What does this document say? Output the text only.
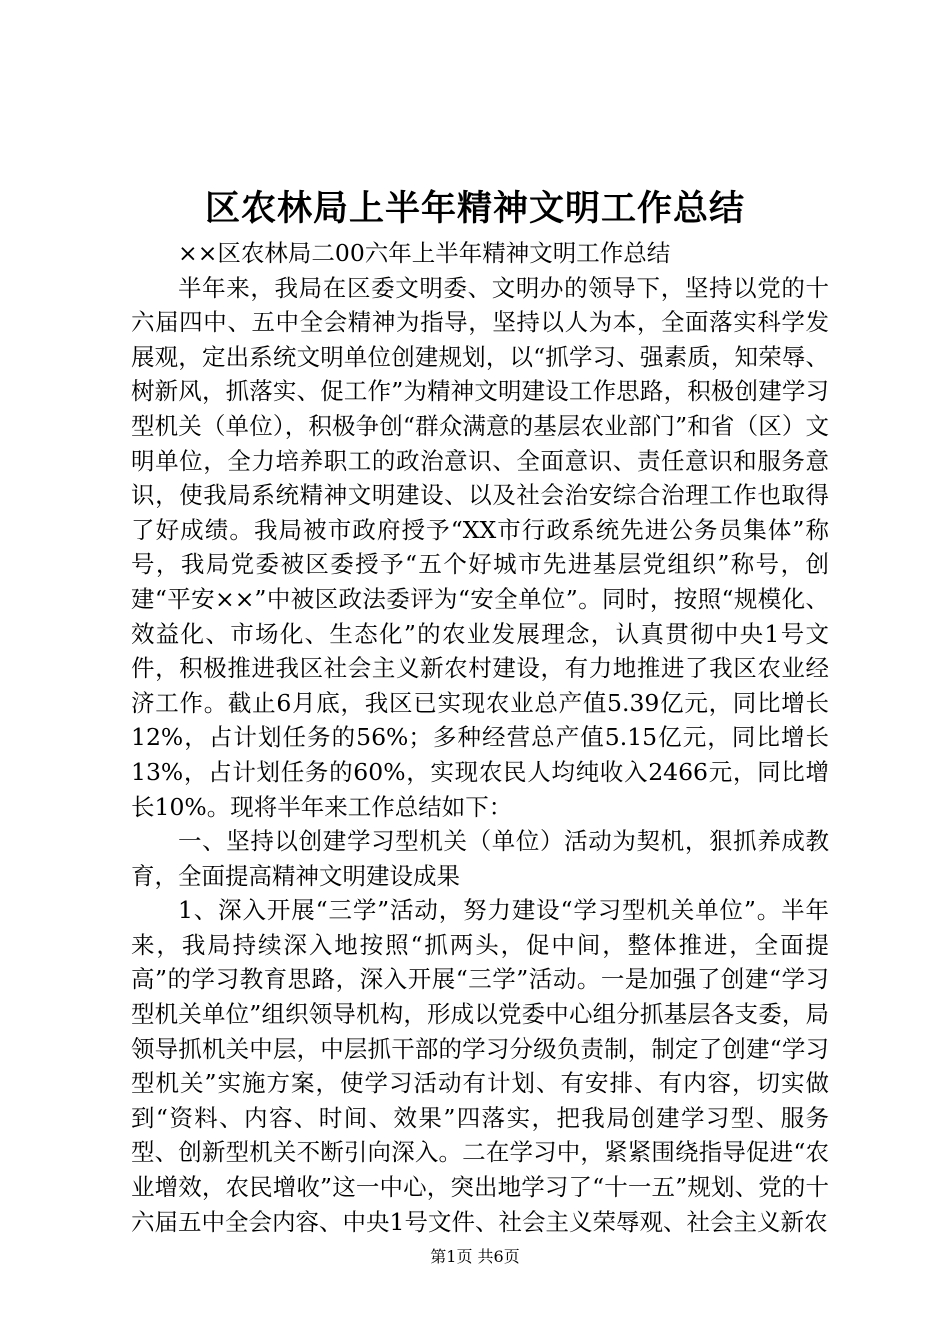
区农林局上半年精神文明工作总结

××区农林局二00六年上半年精神文明工作总结

半年来，我局在区委文明委、文明办的领导下，坚持以党的十六届四中、五中全会精神为指导，坚持以人为本，全面落实科学发展观，定出系统文明单位创建规划，以“抓学习、强素质，知荣辱、树新风，抓落实、促工作”为精神文明建设工作思路，积极创建学习型机关（单位），积极争创“群众满意的基层农业部门”和省（区）文明单位，全力培养职工的政治意识、全面意识、责任意识和服务意识，使我局系统精神文明建设、以及社会治安综合治理工作也取得了好成绩。我局被市政府授予“XX市行政系统先进公务员集体”称号，我局党委被区委授予“五个好城市先进基层党组织”称号，创建“平安××”中被区政法委评为“安全单位”。同时，按照“规模化、效益化、市场化、生态化”的农业发展理念，认真贯彻中央1号文件，积极推进我区社会主义新农村建设，有力地推进了我区农业经济工作。截止6月底，我区已实现农业总产值5.39亿元，同比增长12%，占计划任务的56%；多种经营总产值5.15亿元，同比增长13%，占计划任务的60%，实现农民人均纯收入2466元，同比增长10%。现将半年来工作总结如下：

一、坚持以创建学习型机关（单位）活动为契机，狠抓养成教育，全面提高精神文明建设成果

1、深入开展“三学”活动，努力建设“学习型机关单位”。半年来，我局持续深入地按照“抓两头，促中间，整体推进，全面提高”的学习教育思路，深入开展“三学”活动。一是加强了创建“学习型机关单位”组织领导机构，形成以党委中心组分抓基层各支委，局领导抓机关中层，中层抓干部的学习分级负责制，制定了创建“学习型机关”实施方案，使学习活动有计划、有安排、有内容，切实做到“资料、内容、时间、效果”四落实，把我局创建学习型、服务型、创新型机关不断引向深入。二在学习中，紧紧围绕指导促进“农业增效，农民增收”这一中心，突出地学习了“十一五”规划、党的十六届五中全会内容、中央1号文件、社会主义荣辱观、社会主义新农

第1页 共6页
